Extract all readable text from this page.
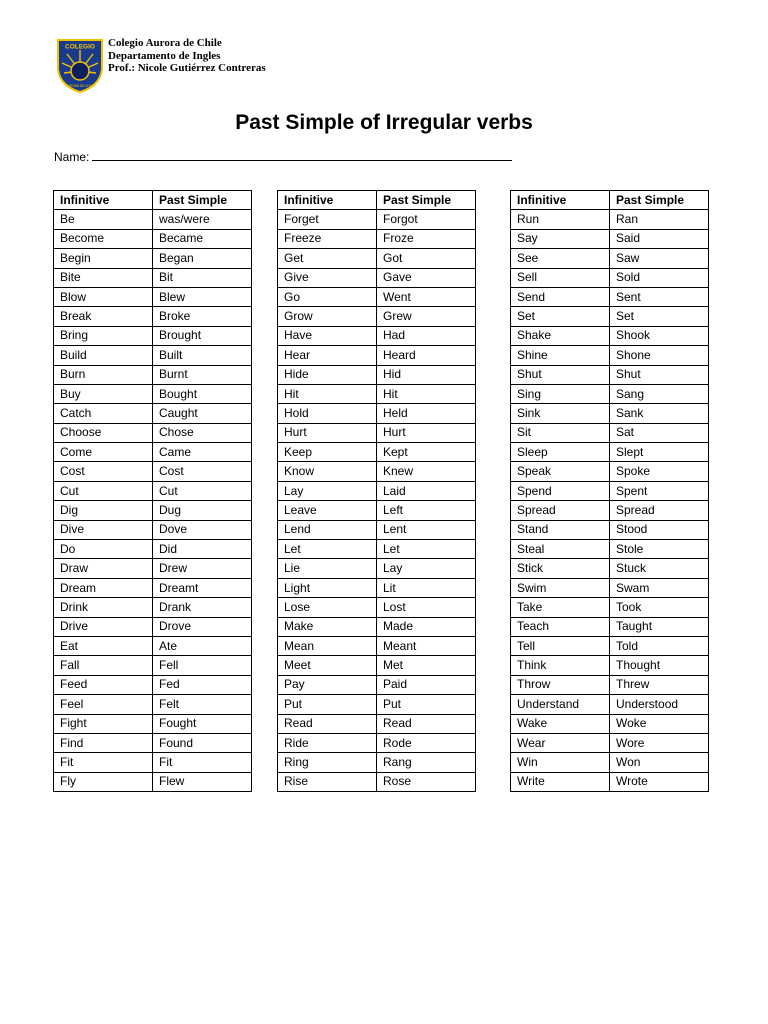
COLEGIO
AURORA DE CHILE
Colegio Aurora de Chile
Departamento de Ingles
Prof.: Nicole Gutiérrez Contreras
Past Simple of Irregular verbs
Name:
Infinitive	Past Simple
Be	was/were
Become	Became
Begin	Began
Bite	Bit
Blow	Blew
Break	Broke
Bring	Brought
Build	Built
Burn	Burnt
Buy	Bought
Catch	Caught
Choose	Chose
Come	Came
Cost	Cost
Cut	Cut
Dig	Dug
Dive	Dove
Do	Did
Draw	Drew
Dream	Dreamt
Drink	Drank
Drive	Drove
Eat	Ate
Fall	Fell
Feed	Fed
Feel	Felt
Fight	Fought
Find	Found
Fit	Fit
Fly	Flew
Infinitive	Past Simple
Forget	Forgot
Freeze	Froze
Get	Got
Give	Gave
Go	Went
Grow	Grew
Have	Had
Hear	Heard
Hide	Hid
Hit	Hit
Hold	Held
Hurt	Hurt
Keep	Kept
Know	Knew
Lay	Laid
Leave	Left
Lend	Lent
Let	Let
Lie	Lay
Light	Lit
Lose	Lost
Make	Made
Mean	Meant
Meet	Met
Pay	Paid
Put	Put
Read	Read
Ride	Rode
Ring	Rang
Rise	Rose
Infinitive	Past Simple
Run	Ran
Say	Said
See	Saw
Sell	Sold
Send	Sent
Set	Set
Shake	Shook
Shine	Shone
Shut	Shut
Sing	Sang
Sink	Sank
Sit	Sat
Sleep	Slept
Speak	Spoke
Spend	Spent
Spread	Spread
Stand	Stood
Steal	Stole
Stick	Stuck
Swim	Swam
Take	Took
Teach	Taught
Tell	Told
Think	Thought
Throw	Threw
Understand	Understood
Wake	Woke
Wear	Wore
Win	Won
Write	Wrote
